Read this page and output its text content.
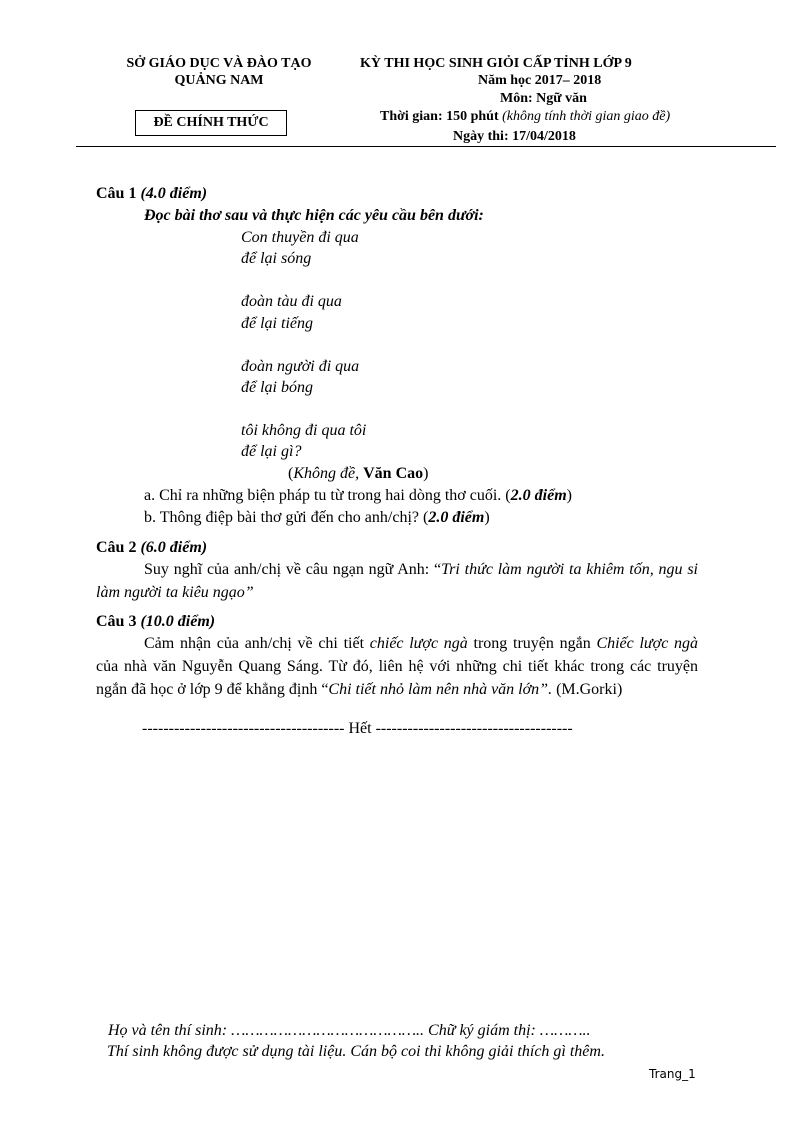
SỞ GIÁO DỤC VÀ ĐÀO TẠO
QUẢNG NAM
ĐỀ CHÍNH THỨC
KỲ THI HỌC SINH GIỎI CẤP TỈNH LỚP 9
Năm học 2017– 2018
Môn: Ngữ văn
Thời gian: 150 phút (không tính thời gian giao đề)
Ngày thi: 17/04/2018
Câu 1 (4.0 điểm)
Đọc bài thơ sau và thực hiện các yêu cầu bên dưới:
Con thuyền đi qua
để lại sóng
đoàn tàu đi qua
để lại tiếng
đoàn người đi qua
để lại bóng
tôi không đi qua tôi
để lại gì?
(Không đề, Văn Cao)
a. Chỉ ra những biện pháp tu từ trong hai dòng thơ cuối. (2.0 điểm)
b. Thông điệp bài thơ gửi đến cho anh/chị? (2.0 điểm)
Câu 2 (6.0 điểm)
Suy nghĩ của anh/chị về câu ngạn ngữ Anh: “Tri thức làm người ta khiêm tốn, ngu si làm người ta kiêu ngạo”
Câu 3 (10.0 điểm)
Cảm nhận của anh/chị về chi tiết chiếc lược ngà trong truyện ngắn Chiếc lược ngà của nhà văn Nguyễn Quang Sáng. Từ đó, liên hệ với những chi tiết khác trong các truyện ngắn đã học ở lớp 9 để khẳng định “Chi tiết nhỏ làm nên nhà văn lớn”. (M.Gorki)
-------------------------------------- Hết -------------------------------------
Họ và tên thí sinh: ………………………………….. Chữ ký giám thị: ………..
Thí sinh không được sử dụng tài liệu. Cán bộ coi thi không giải thích gì thêm.
Trang_1
